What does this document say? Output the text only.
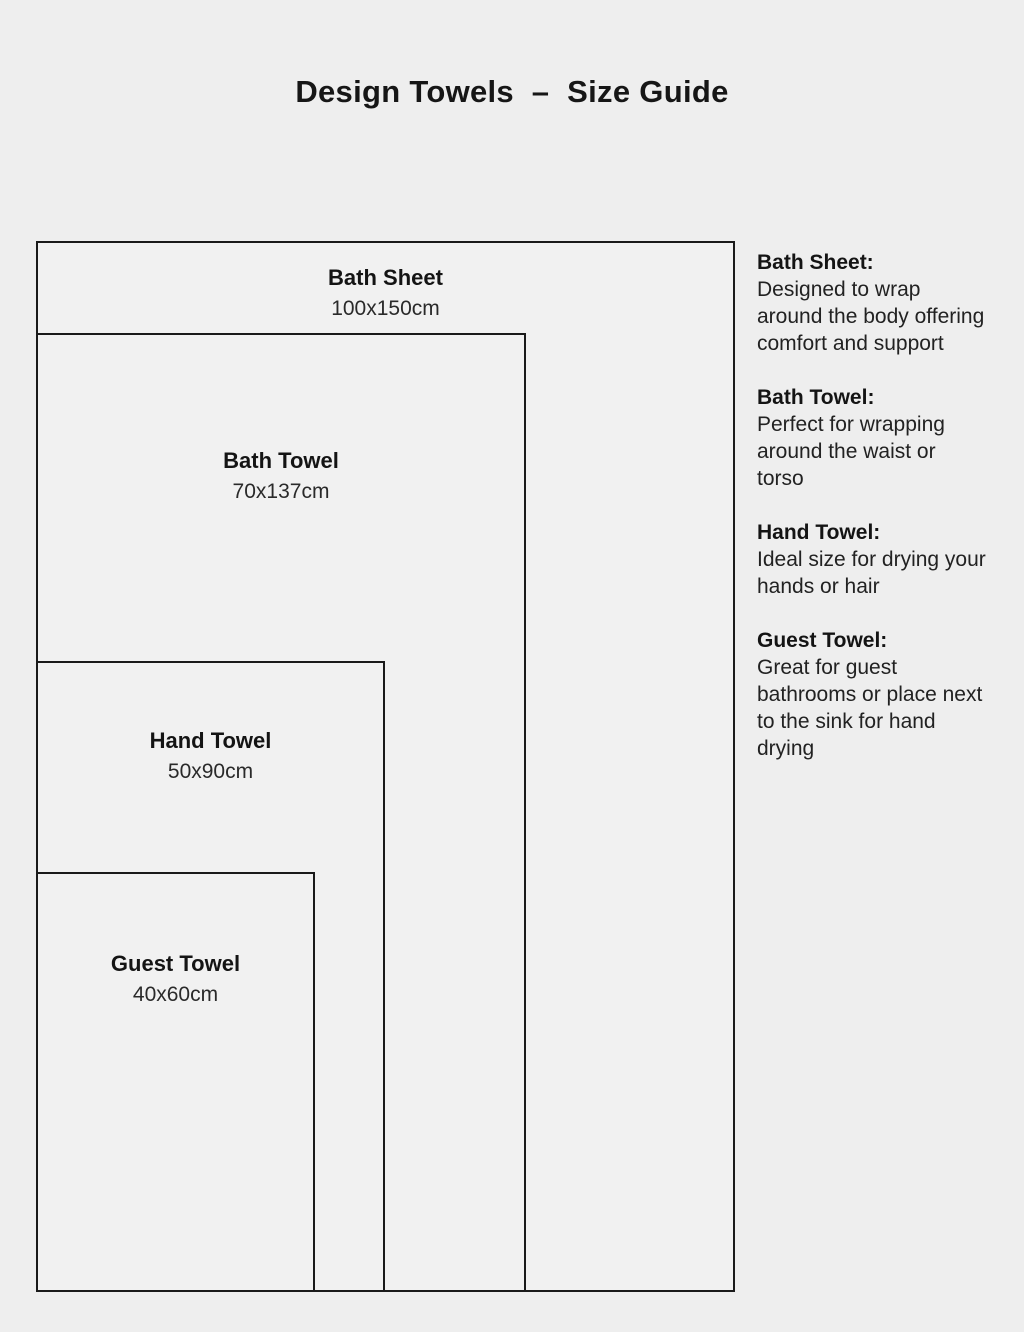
Design Towels  –  Size Guide
Bath Sheet
100x150cm
Bath Towel
70x137cm
Hand Towel
50x90cm
Guest Towel
40x60cm
Bath Sheet:
Designed to wrap around the body offering comfort and support
Bath Towel:
Perfect for wrapping around the waist or torso
Hand Towel:
Ideal size for drying your hands or hair
Guest Towel:
Great for guest bathrooms or place next to the sink for hand drying
